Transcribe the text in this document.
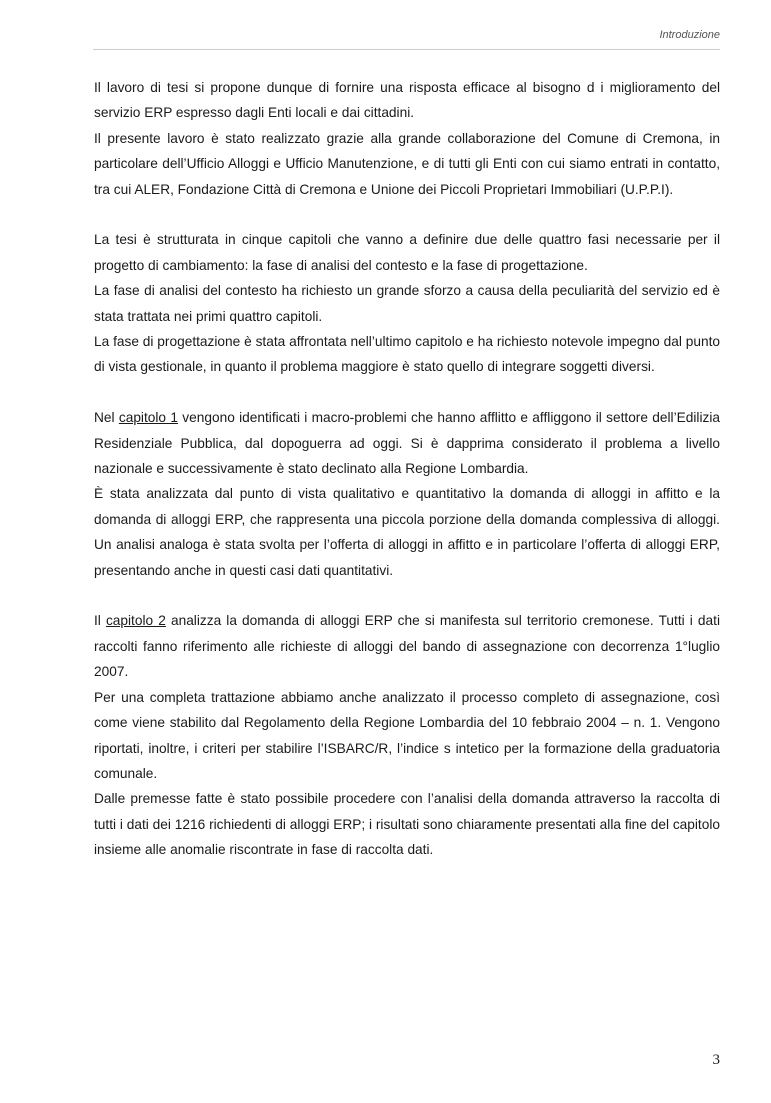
Introduzione

Il lavoro di tesi si propone dunque di fornire una risposta efficace al bisogno d i miglioramento del servizio ERP espresso dagli Enti locali e dai cittadini.

Il presente lavoro è stato realizzato grazie alla grande collaborazione del Comune di Cremona, in particolare dell’Ufficio Alloggi e Ufficio Manutenzione, e di tutti gli Enti con cui siamo entrati in contatto, tra cui ALER, Fondazione Città di Cremona e Unione dei Piccoli Proprietari Immobiliari (U.P.P.I).

La tesi è strutturata in cinque capitoli che vanno a definire due delle quattro fasi necessarie per il progetto di cambiamento: la fase di analisi del contesto e la fase di progettazione.

La fase di analisi del contesto ha richiesto un grande sforzo a causa della peculiarità del servizio ed è stata trattata nei primi quattro capitoli.

La fase di progettazione è stata affrontata nell’ultimo capitolo e ha richiesto notevole impegno dal punto di vista gestionale, in quanto il problema maggiore è stato quello di integrare soggetti diversi.

Nel capitolo 1 vengono identificati i macro-problemi che hanno afflitto e affliggono il settore dell’Edilizia Residenziale Pubblica, dal dopoguerra ad oggi. Si è dapprima considerato il problema a livello nazionale e successivamente è stato declinato alla Regione Lombardia.

È stata analizzata dal punto di vista qualitativo e quantitativo la domanda di alloggi in affitto e la domanda di alloggi ERP, che rappresenta una piccola porzione della domanda complessiva di alloggi. Un analisi analoga è stata svolta per l’offerta di alloggi in affitto e in particolare l’offerta di alloggi ERP, presentando anche in questi casi dati quantitativi.

Il capitolo 2 analizza la domanda di alloggi ERP che si manifesta sul territorio cremonese. Tutti i dati raccolti fanno riferimento alle richieste di alloggi del bando di assegnazione con decorrenza 1°luglio 2007.

Per una completa trattazione abbiamo anche analizzato il processo completo di assegnazione, così come viene stabilito dal Regolamento della Regione Lombardia del 10 febbraio 2004 – n. 1. Vengono riportati, inoltre, i criteri per stabilire l’ISBARC/R, l’indice s intetico per la formazione della graduatoria comunale.

Dalle premesse fatte è stato possibile procedere con l’analisi della domanda attraverso la raccolta di tutti i dati dei 1216 richiedenti di alloggi ERP; i risultati sono chiaramente presentati alla fine del capitolo insieme alle anomalie riscontrate in fase di raccolta dati.

3
